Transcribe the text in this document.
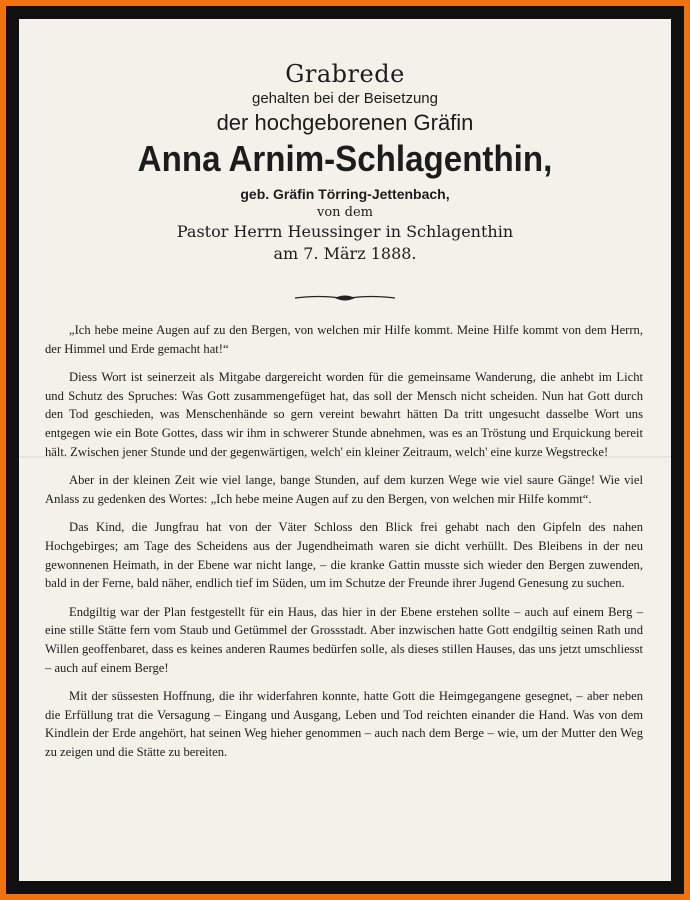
Grabrede
gehalten bei der Beisetzung
der hochgeborenen Gräfin
Anna Arnim-Schlagenthin,
geb. Gräfin Törring-Jettenbach,
von dem
Pastor Herrn Heussinger in Schlagenthin
am 7. März 1888.

„Ich hebe meine Augen auf zu den Bergen, von welchen mir Hilfe kommt. Meine Hilfe kommt von dem Herrn, der Himmel und Erde gemacht hat!“

Diess Wort ist seinerzeit als Mitgabe dargereicht worden für die gemeinsame Wanderung, die anhebt im Licht und Schutz des Spruches: Was Gott zusammengefüget hat, das soll der Mensch nicht scheiden. Nun hat Gott durch den Tod geschieden, was Menschenhände so gern vereint bewahrt hätten Da tritt ungesucht dasselbe Wort uns entgegen wie ein Bote Gottes, dass wir ihm in schwerer Stunde abnehmen, was es an Tröstung und Erquickung bereit hält. Zwischen jener Stunde und der gegenwärtigen, welch' ein kleiner Zeitraum, welch' eine kurze Wegstrecke!

Aber in der kleinen Zeit wie viel lange, bange Stunden, auf dem kurzen Wege wie viel saure Gänge! Wie viel Anlass zu gedenken des Wortes: „Ich hebe meine Augen auf zu den Bergen, von welchen mir Hilfe kommt“.

Das Kind, die Jungfrau hat von der Väter Schloss den Blick frei gehabt nach den Gipfeln des nahen Hochgebirges; am Tage des Scheidens aus der Jugendheimath waren sie dicht verhüllt. Des Bleibens in der neu gewonnenen Heimath, in der Ebene war nicht lange, – die kranke Gattin musste sich wieder den Bergen zuwenden, bald in der Ferne, bald näher, endlich tief im Süden, um im Schutze der Freunde ihrer Jugend Genesung zu suchen.

Endgiltig war der Plan festgestellt für ein Haus, das hier in der Ebene erstehen sollte – auch auf einem Berg – eine stille Stätte fern vom Staub und Getümmel der Grossstadt. Aber inzwischen hatte Gott endgiltig seinen Rath und Willen geoffenbaret, dass es keines anderen Raumes bedürfen solle, als dieses stillen Hauses, das uns jetzt umschliesst – auch auf einem Berge!

Mit der süssesten Hoffnung, die ihr widerfahren konnte, hatte Gott die Heimgegangene gesegnet, – aber neben die Erfüllung trat die Versagung – Eingang und Ausgang, Leben und Tod reichten einander die Hand. Was von dem Kindlein der Erde angehört, hat seinen Weg hieher genommen – auch nach dem Berge – wie, um der Mutter den Weg zu zeigen und die Stätte zu bereiten.
